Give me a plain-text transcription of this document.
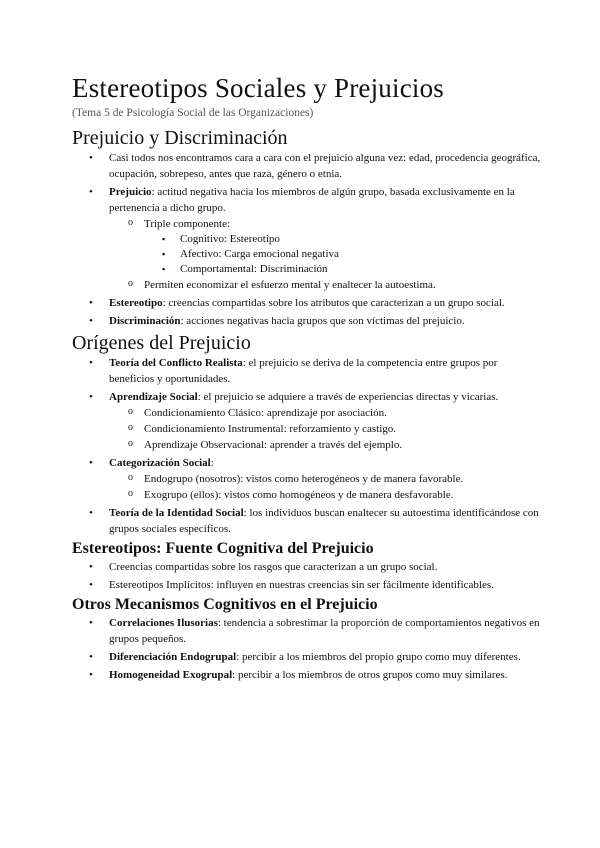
Estereotipos Sociales y Prejuicios
(Tema 5 de Psicología Social de las Organizaciones)
Prejuicio y Discriminación
• Casi todos nos encontramos cara a cara con el prejuicio alguna vez: edad, procedencia geográfica, ocupación, sobrepeso, antes que raza, género o etnia.
• Prejuicio: actitud negativa hacia los miembros de algún grupo, basada exclusivamente en la pertenencia a dicho grupo.
o Triple componente:
▪ Cognitivo: Estereotipo
▪ Afectivo: Carga emocional negativa
▪ Comportamental: Discriminación
o Permiten economizar el esfuerzo mental y enaltecer la autoestima.
• Estereotipo: creencias compartidas sobre los atributos que caracterizan a un grupo social.
• Discriminación: acciones negativas hacia grupos que son víctimas del prejuicio.
Orígenes del Prejuicio
• Teoría del Conflicto Realista: el prejuicio se deriva de la competencia entre grupos por beneficios y oportunidades.
• Aprendizaje Social: el prejuicio se adquiere a través de experiencias directas y vicarias.
o Condicionamiento Clásico: aprendizaje por asociación.
o Condicionamiento Instrumental: reforzamiento y castigo.
o Aprendizaje Observacional: aprender a través del ejemplo.
• Categorización Social:
o Endogrupo (nosotros): vistos como heterogéneos y de manera favorable.
o Exogrupo (ellos): vistos como homogéneos y de manera desfavorable.
• Teoría de la Identidad Social: los individuos buscan enaltecer su autoestima identificándose con grupos sociales específicos.
Estereotipos: Fuente Cognitiva del Prejuicio
• Creencias compartidas sobre los rasgos que caracterizan a un grupo social.
• Estereotipos Implícitos: influyen en nuestras creencias sin ser fácilmente identificables.
Otros Mecanismos Cognitivos en el Prejuicio
• Correlaciones Ilusorias: tendencia a sobrestimar la proporción de comportamientos negativos en grupos pequeños.
• Diferenciación Endogrupal: percibir a los miembros del propio grupo como muy diferentes.
• Homogeneidad Exogrupal: percibir a los miembros de otros grupos como muy similares.
